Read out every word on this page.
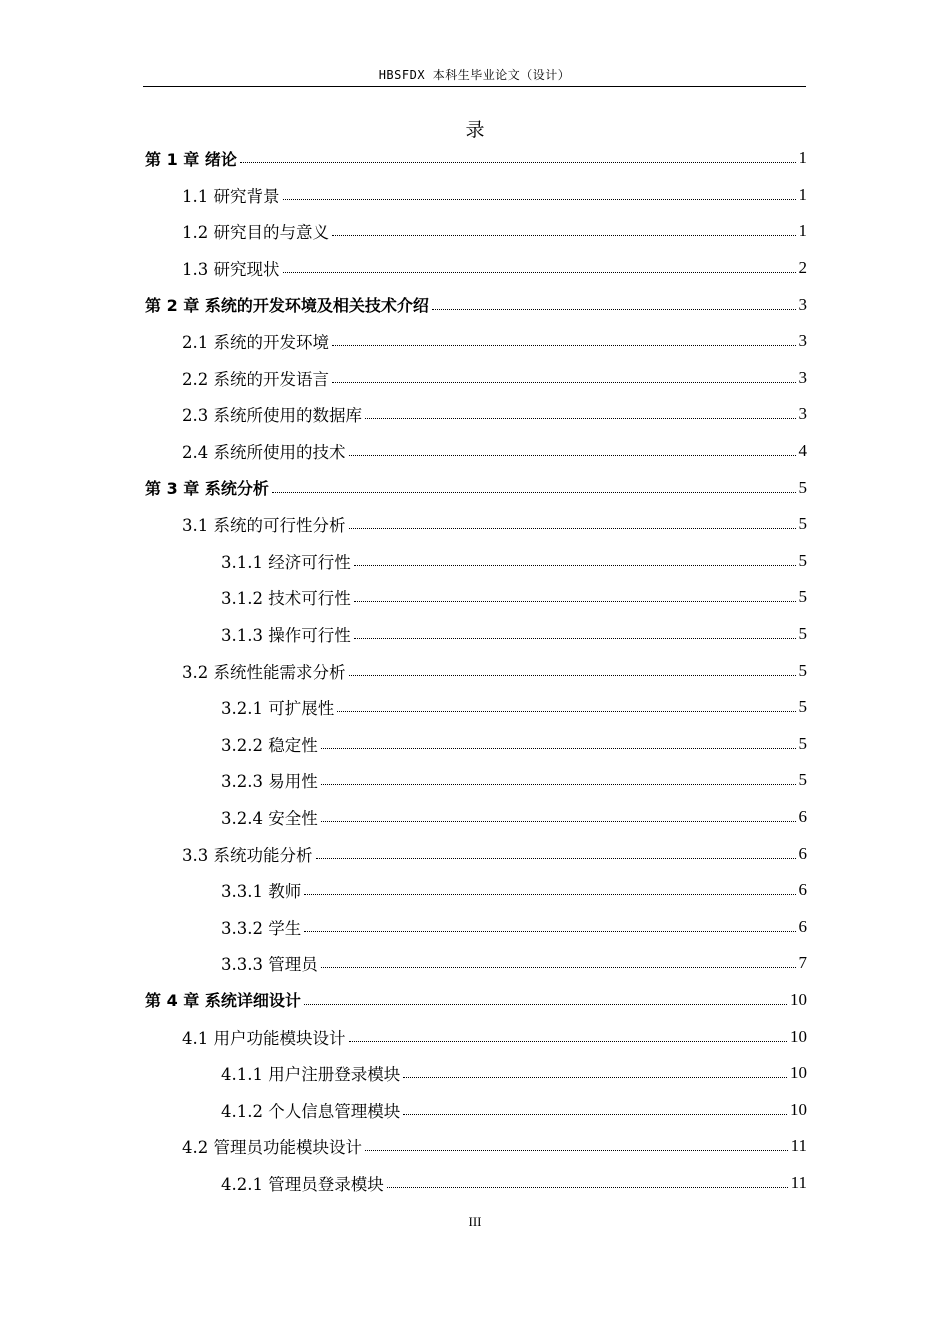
HBSFDX 本科生毕业论文（设计）
录
第 1 章 绪论	1
1.1 研究背景	1
1.2 研究目的与意义	1
1.3 研究现状	2
第 2 章 系统的开发环境及相关技术介绍	3
2.1 系统的开发环境	3
2.2 系统的开发语言	3
2.3 系统所使用的数据库	3
2.4 系统所使用的技术	4
第 3 章 系统分析	5
3.1 系统的可行性分析	5
3.1.1 经济可行性	5
3.1.2 技术可行性	5
3.1.3 操作可行性	5
3.2 系统性能需求分析	5
3.2.1 可扩展性	5
3.2.2 稳定性	5
3.2.3 易用性	5
3.2.4 安全性	6
3.3 系统功能分析	6
3.3.1 教师	6
3.3.2 学生	6
3.3.3 管理员	7
第 4 章 系统详细设计	10
4.1 用户功能模块设计	10
4.1.1 用户注册登录模块	10
4.1.2 个人信息管理模块	10
4.2 管理员功能模块设计	11
4.2.1 管理员登录模块	11
III
